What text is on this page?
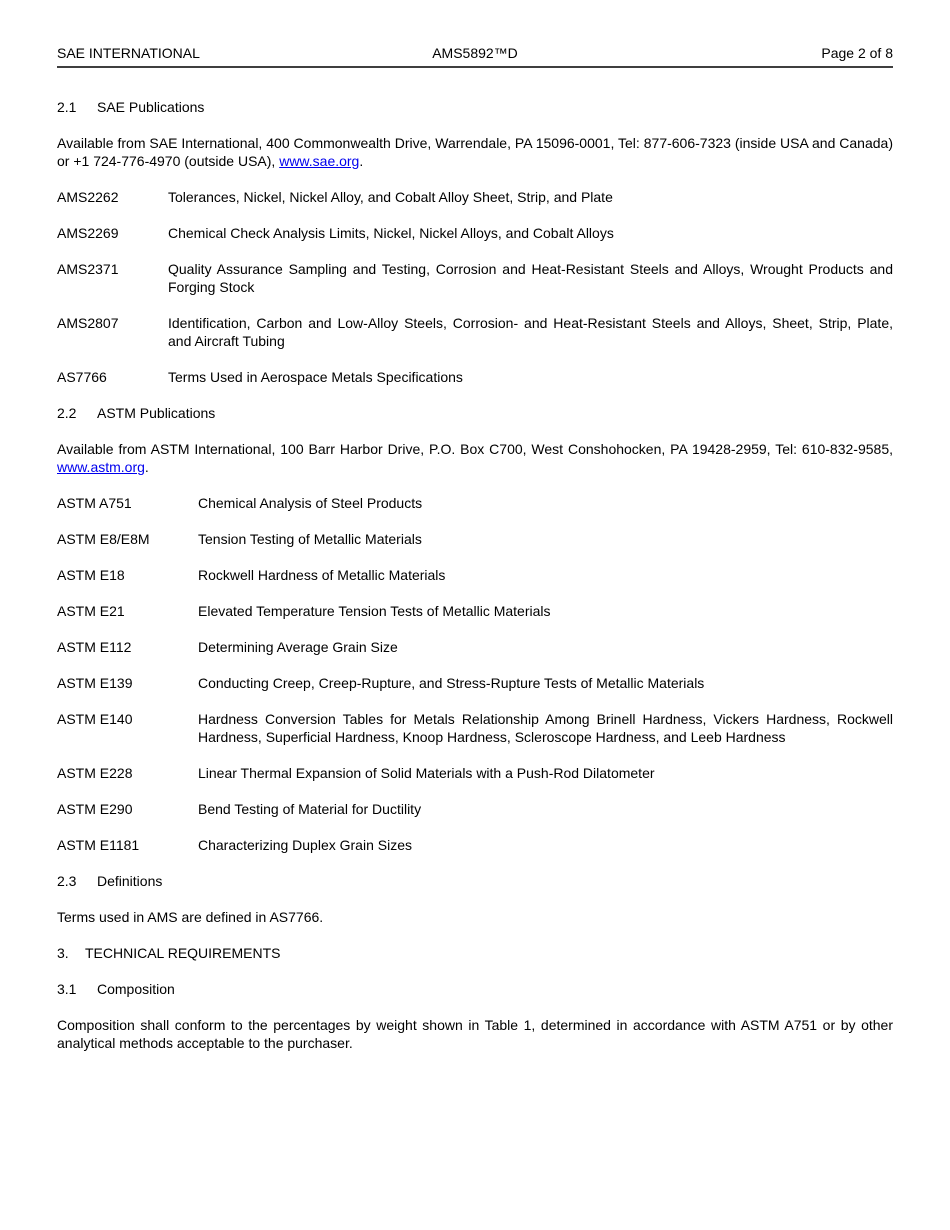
SAE INTERNATIONAL	AMS5892™D	Page 2 of 8
2.1 SAE Publications

Available from SAE International, 400 Commonwealth Drive, Warrendale, PA 15096-0001, Tel: 877-606-7323 (inside USA and Canada) or +1 724-776-4970 (outside USA), www.sae.org.

AMS2262	Tolerances, Nickel, Nickel Alloy, and Cobalt Alloy Sheet, Strip, and Plate
AMS2269	Chemical Check Analysis Limits, Nickel, Nickel Alloys, and Cobalt Alloys
AMS2371	Quality Assurance Sampling and Testing, Corrosion and Heat-Resistant Steels and Alloys, Wrought Products and Forging Stock
AMS2807	Identification, Carbon and Low-Alloy Steels, Corrosion- and Heat-Resistant Steels and Alloys, Sheet, Strip, Plate, and Aircraft Tubing
AS7766	Terms Used in Aerospace Metals Specifications
2.2 ASTM Publications

Available from ASTM International, 100 Barr Harbor Drive, P.O. Box C700, West Conshohocken, PA 19428-2959, Tel: 610-832-9585, www.astm.org.

ASTM A751	Chemical Analysis of Steel Products
ASTM E8/E8M	Tension Testing of Metallic Materials
ASTM E18	Rockwell Hardness of Metallic Materials
ASTM E21	Elevated Temperature Tension Tests of Metallic Materials
ASTM E112	Determining Average Grain Size
ASTM E139	Conducting Creep, Creep-Rupture, and Stress-Rupture Tests of Metallic Materials
ASTM E140	Hardness Conversion Tables for Metals Relationship Among Brinell Hardness, Vickers Hardness, Rockwell Hardness, Superficial Hardness, Knoop Hardness, Scleroscope Hardness, and Leeb Hardness
ASTM E228	Linear Thermal Expansion of Solid Materials with a Push-Rod Dilatometer
ASTM E290	Bend Testing of Material for Ductility
ASTM E1181	Characterizing Duplex Grain Sizes
2.3 Definitions

Terms used in AMS are defined in AS7766.

3. TECHNICAL REQUIREMENTS
3.1 Composition

Composition shall conform to the percentages by weight shown in Table 1, determined in accordance with ASTM A751 or by other analytical methods acceptable to the purchaser.
